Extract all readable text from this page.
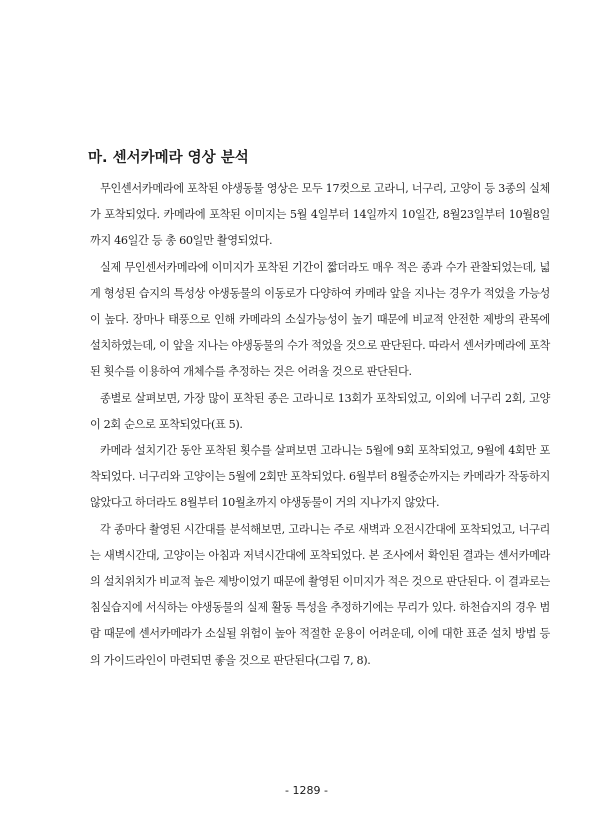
마. 센서카메라 영상 분석

무인센서카메라에 포착된 야생동물 영상은 모두 17컷으로 고라니, 너구리, 고양이 등 3종의 실체가 포착되었다. 카메라에 포착된 이미지는 5월 4일부터 14일까지 10일간, 8월23일부터 10월8일까지 46일간 등 총 60일만 촬영되었다.

실제 무인센서카메라에 이미지가 포착된 기간이 짧더라도 매우 적은 종과 수가 관찰되었는데, 넓게 형성된 습지의 특성상 야생동물의 이동로가 다양하여 카메라 앞을 지나는 경우가 적었을 가능성이 높다. 장마나 태풍으로 인해 카메라의 소실가능성이 높기 때문에 비교적 안전한 제방의 관목에 설치하였는데, 이 앞을 지나는 야생동물의 수가 적었을 것으로 판단된다. 따라서 센서카메라에 포착된 횟수를 이용하여 개체수를 추정하는 것은 어려울 것으로 판단된다.

종별로 살펴보면, 가장 많이 포착된 종은 고라니로 13회가 포착되었고, 이외에 너구리 2회, 고양이 2회 순으로 포착되었다(표 5).

카메라 설치기간 동안 포착된 횟수를 살펴보면 고라니는 5월에 9회 포착되었고, 9월에 4회만 포착되었다. 너구리와 고양이는 5월에 2회만 포착되었다. 6월부터 8월중순까지는 카메라가 작동하지 않았다고 하더라도 8월부터 10월초까지 야생동물이 거의 지나가지 않았다.

각 종마다 촬영된 시간대를 분석해보면, 고라니는 주로 새벽과 오전시간대에 포착되었고, 너구리는 새벽시간대, 고양이는 아침과 저녁시간대에 포착되었다. 본 조사에서 확인된 결과는 센서카메라의 설치위치가 비교적 높은 제방이었기 때문에 촬영된 이미지가 적은 것으로 판단된다. 이 결과로는 침실습지에 서식하는 야생동물의 실제 활동 특성을 추정하기에는 무리가 있다. 하천습지의 경우 범람 때문에 센서카메라가 소실될 위험이 높아 적절한 운용이 어려운데, 이에 대한 표준 설치 방법 등의 가이드라인이 마련되면 좋을 것으로 판단된다(그림 7, 8).

- 1289 -
